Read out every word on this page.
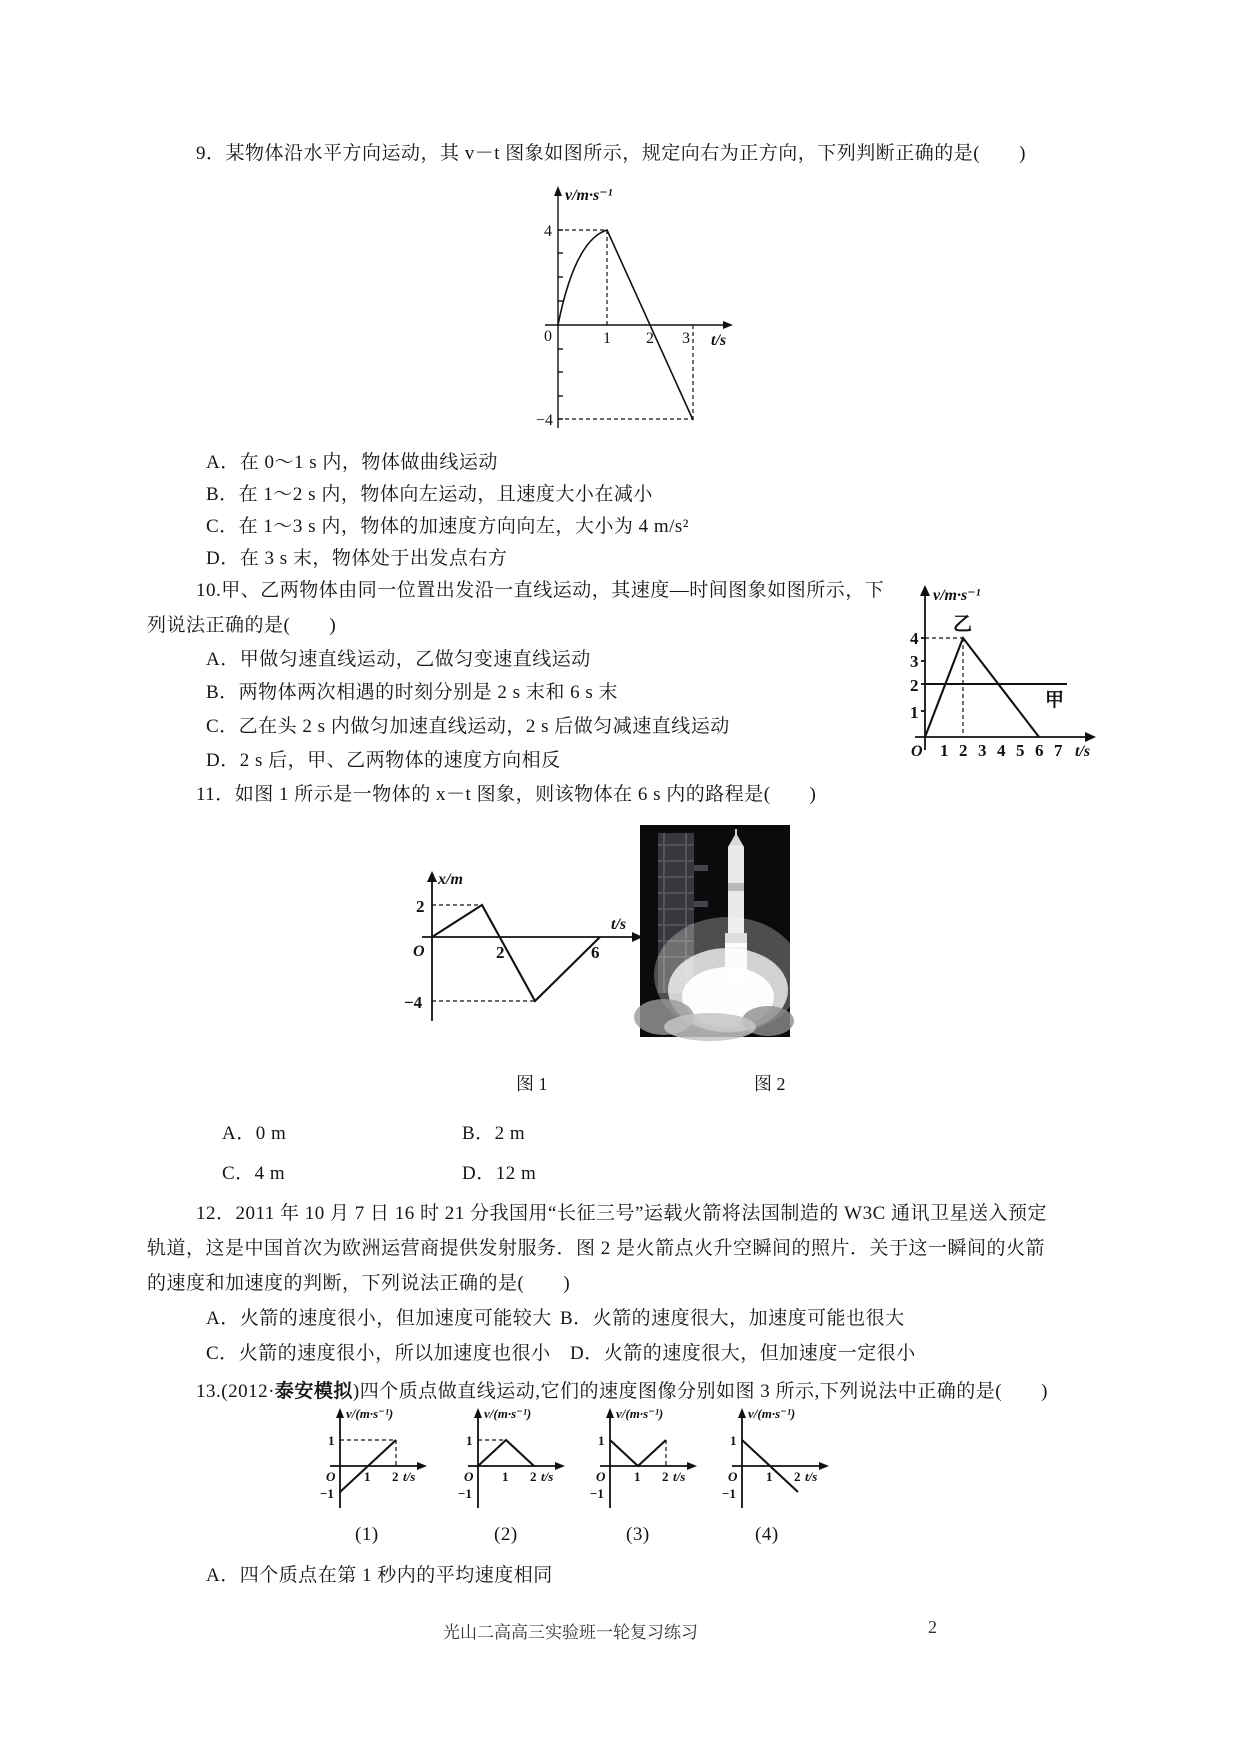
9．某物体沿水平方向运动，其 v－t 图象如图所示，规定向右为正方向，下列判断正确的是(　　)
v/m·s⁻¹
4
0	1 2 3 t/s
−4
A．在 0～1 s 内，物体做曲线运动
B．在 1～2 s 内，物体向左运动，且速度大小在减小
C．在 1～3 s 内，物体的加速度方向向左，大小为 4 m/s²
D．在 3 s 末，物体处于出发点右方
10.甲、乙两物体由同一位置出发沿一直线运动，其速度—时间图象如图所示，下
列说法正确的是(　　)
A．甲做匀速直线运动，乙做匀变速直线运动
B．两物体两次相遇的时刻分别是 2 s 末和 6 s 末
C．乙在头 2 s 内做匀加速直线运动，2 s 后做匀减速直线运动
D．2 s 后，甲、乙两物体的速度方向相反
v/m·s⁻¹
乙
甲
4
3
2
1
O 1 2 3 4 5 6 7 t/s
11．如图 1 所示是一物体的 x－t 图象，则该物体在 6 s 内的路程是(　　)
x/m
2
O	2	6
t/s
−4
图 1	图 2
A．0 m	B．2 m
C．4 m	D．12 m
12．2011 年 10 月 7 日 16 时 21 分我国用“长征三号”运载火箭将法国制造的 W3C 通讯卫星送入预定
轨道，这是中国首次为欧洲运营商提供发射服务．图 2 是火箭点火升空瞬间的照片．关于这一瞬间的火箭
的速度和加速度的判断，下列说法正确的是(　　)
A．火箭的速度很小，但加速度可能较大 B．火箭的速度很大，加速度可能也很大
C．火箭的速度很小，所以加速度也很小 D．火箭的速度很大，但加速度一定很小
13.(2012·泰安模拟)四个质点做直线运动,它们的速度图像分别如图 3 所示,下列说法中正确的是(　　)
v/(m·s⁻¹)
1
−1
O 1 2 t/s
v/(m·s⁻¹)
1
−1
O 1 2 t/s
v/(m·s⁻¹)
1
−1
O 1 2 t/s
v/(m·s⁻¹)
1
−1
O 1 2 t/s
(1)	(2)	(3)	(4)
A．四个质点在第 1 秒内的平均速度相同
光山二高高三实验班一轮复习练习	2
